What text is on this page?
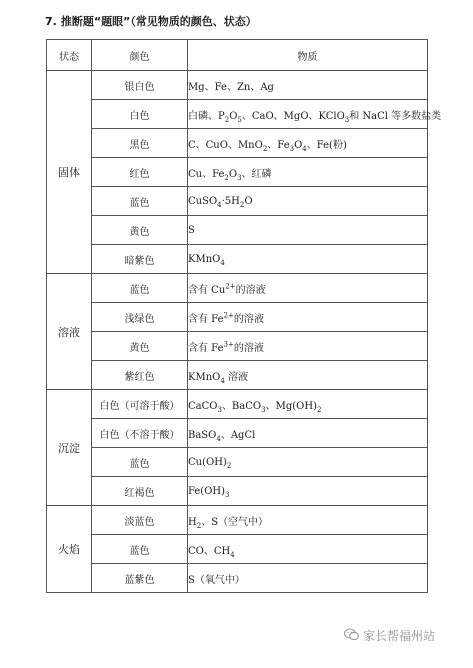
7. 推断题“题眼”（常见物质的颜色、状态）
状态	颜色	物质
固体	银白色	Mg、Fe、Zn、Ag
	白色	白磷、$P_2O_5$、CaO、MgO、KClO$_3$和 NaCl 等多数盐类
	黑色	C、CuO、MnO$_2$、$Fe_3O_4$、Fe(粉)
	红色	Cu、$Fe_2O_3$、红磷
	蓝色	$CuSO_4\cdot 5H_2O$
	黄色	S
	暗紫色	KMnO$_4$
溶液	蓝色	含有 $Cu^{2+}$的溶液
	浅绿色	含有 $Fe^{2+}$的溶液
	黄色	含有 $Fe^{3+}$的溶液
	紫红色	KMnO$_4$ 溶液
沉淀	白色（可溶于酸）	CaCO$_3$、BaCO$_3$、$Mg(OH)_2$
	白色（不溶于酸）	BaSO$_4$、AgCl
	蓝色	$Cu(OH)_2$
	红褐色	$Fe(OH)_3$
火焰	淡蓝色	$H_2$、S（空气中）
	蓝色	CO、$CH_4$
	蓝紫色	S（氧气中）
家长帮福州站
